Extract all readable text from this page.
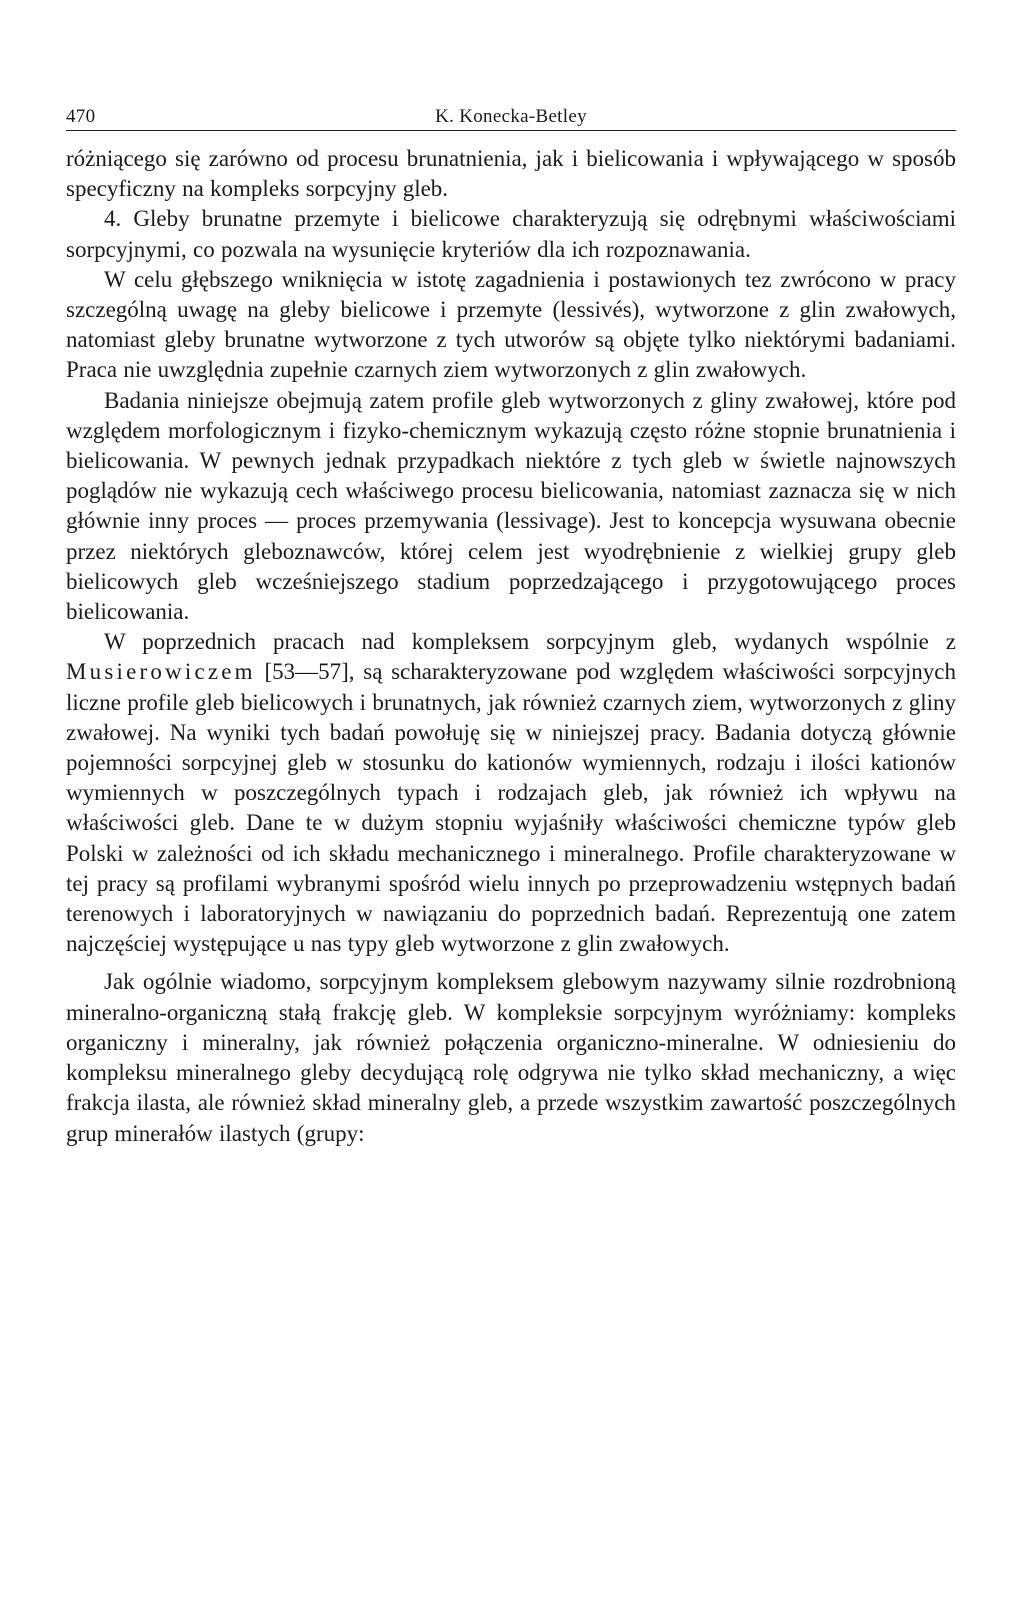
470	K. Konecka-Betley

różniącego się zarówno od procesu brunatnienia, jak i bielicowania i wpływającego w sposób specyficzny na kompleks sorpcyjny gleb.

4. Gleby brunatne przemyte i bielicowe charakteryzują się odrębnymi właściwościami sorpcyjnymi, co pozwala na wysunięcie kryteriów dla ich rozpoznawania.

W celu głębszego wniknięcia w istotę zagadnienia i postawionych tez zwrócono w pracy szczególną uwagę na gleby bielicowe i przemyte (lessivés), wytworzone z glin zwałowych, natomiast gleby brunatne wytworzone z tych utworów są objęte tylko niektórymi badaniami. Praca nie uwzględnia zupełnie czarnych ziem wytworzonych z glin zwałowych.

Badania niniejsze obejmują zatem profile gleb wytworzonych z gliny zwałowej, które pod względem morfologicznym i fizyko-chemicznym wykazują często różne stopnie brunatnienia i bielicowania. W pewnych jednak przypadkach niektóre z tych gleb w świetle najnowszych poglądów nie wykazują cech właściwego procesu bielicowania, natomiast zaznacza się w nich głównie inny proces — proces przemywania (lessivage). Jest to koncepcja wysuwana obecnie przez niektórych gleboznawców, której celem jest wyodrębnienie z wielkiej grupy gleb bielicowych gleb wcześniejszego stadium poprzedzającego i przygotowującego proces bielicowania.

W poprzednich pracach nad kompleksem sorpcyjnym gleb, wydanych wspólnie z Musierowiczem [53—57], są scharakteryzowane pod względem właściwości sorpcyjnych liczne profile gleb bielicowych i brunatnych, jak również czarnych ziem, wytworzonych z gliny zwałowej. Na wyniki tych badań powołuję się w niniejszej pracy. Badania dotyczą głównie pojemności sorpcyjnej gleb w stosunku do kationów wymiennych, rodzaju i ilości kationów wymiennych w poszczególnych typach i rodzajach gleb, jak również ich wpływu na właściwości gleb. Dane te w dużym stopniu wyjaśniły właściwości chemiczne typów gleb Polski w zależności od ich składu mechanicznego i mineralnego. Profile charakteryzowane w tej pracy są profilami wybranymi spośród wielu innych po przeprowadzeniu wstępnych badań terenowych i laboratoryjnych w nawiązaniu do poprzednich badań. Reprezentują one zatem najczęściej występujące u nas typy gleb wytworzone z glin zwałowych.

Jak ogólnie wiadomo, sorpcyjnym kompleksem glebowym nazywamy silnie rozdrobnioną mineralno-organiczną stałą frakcję gleb. W kompleksie sorpcyjnym wyróżniamy: kompleks organiczny i mineralny, jak również połączenia organiczno-mineralne. W odniesieniu do kompleksu mineralnego gleby decydującą rolę odgrywa nie tylko skład mechaniczny, a więc frakcja ilasta, ale również skład mineralny gleb, a przede wszystkim zawartość poszczególnych grup minerałów ilastych (grupy:
